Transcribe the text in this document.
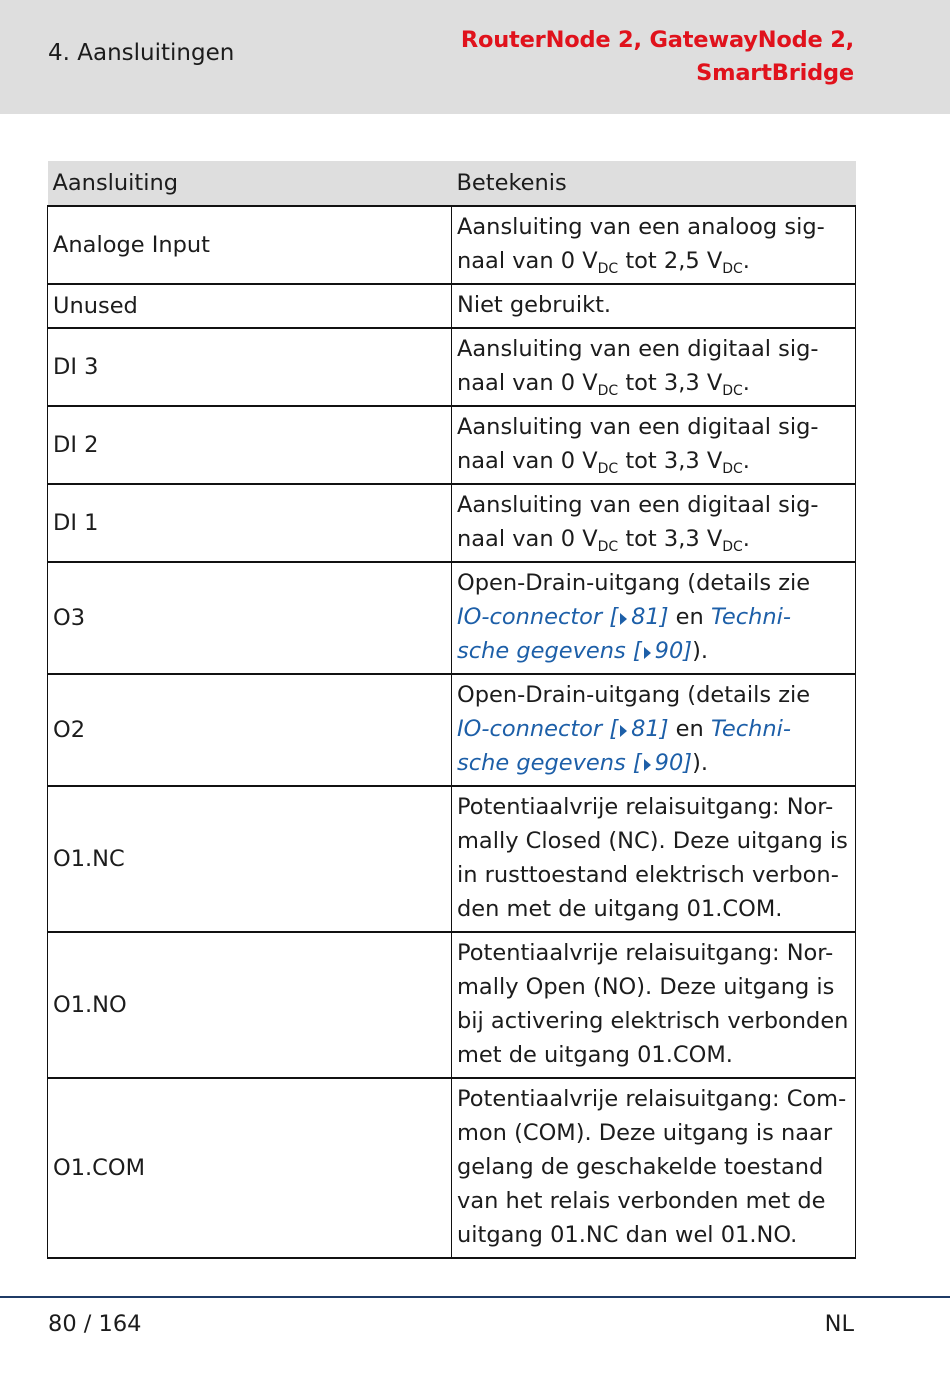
4. Aansluitingen	RouterNode 2, GatewayNode 2,
SmartBridge
Aansluiting	Betekenis
Analoge Input	Aansluiting van een analoog sig-
naal van 0 $V_{DC}$ tot 2,5 $V_{DC}$.
Unused	Niet gebruikt.
DI 3	Aansluiting van een digitaal sig-
naal van 0 $V_{DC}$ tot 3,3 $V_{DC}$.
DI 2	Aansluiting van een digitaal sig-
naal van 0 $V_{DC}$ tot 3,3 $V_{DC}$.
DI 1	Aansluiting van een digitaal sig-
naal van 0 $V_{DC}$ tot 3,3 $V_{DC}$.
O3	Open-Drain-uitgang (details zie
IO-connector [ 81] en Techni-
sche gegevens [ 90]).
O2	Open-Drain-uitgang (details zie
IO-connector [ 81] en Techni-
sche gegevens [ 90]).
O1.NC	Potentiaalvrije relaisuitgang: Nor-
mally Closed (NC). Deze uitgang is
in rusttoestand elektrisch verbon-
den met de uitgang 01.COM.
O1.NO	Potentiaalvrije relaisuitgang: Nor-
mally Open (NO). Deze uitgang is
bij activering elektrisch verbonden
met de uitgang 01.COM.
O1.COM	Potentiaalvrije relaisuitgang: Com-
mon (COM). Deze uitgang is naar
gelang de geschakelde toestand
van het relais verbonden met de
uitgang 01.NC dan wel 01.NO.
80 / 164	NL
